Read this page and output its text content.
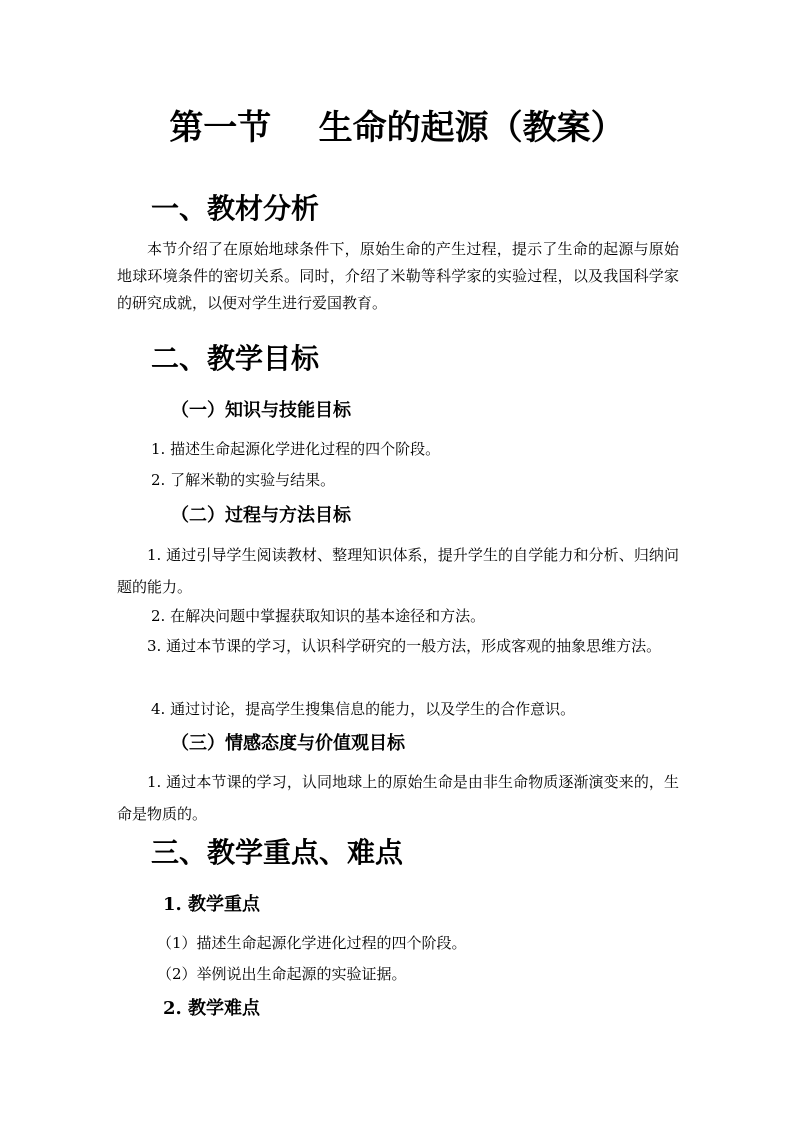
第一节    生命的起源（教案）
一、教材分析
本节介绍了在原始地球条件下，原始生命的产生过程，提示了生命的起源与原始地球环境条件的密切关系。同时，介绍了米勒等科学家的实验过程，以及我国科学家的研究成就，以便对学生进行爱国教育。
二、教学目标
（一）知识与技能目标
1. 描述生命起源化学进化过程的四个阶段。
2. 了解米勒的实验与结果。
（二）过程与方法目标
1. 通过引导学生阅读教材、整理知识体系，提升学生的自学能力和分析、归纳问题的能力。
2. 在解决问题中掌握获取知识的基本途径和方法。
3. 通过本节课的学习，认识科学研究的一般方法，形成客观的抽象思维方法。
4. 通过讨论，提高学生搜集信息的能力，以及学生的合作意识。
（三）情感态度与价值观目标
1. 通过本节课的学习，认同地球上的原始生命是由非生命物质逐渐演变来的，生命是物质的。
三、教学重点、难点
1. 教学重点
（1）描述生命起源化学进化过程的四个阶段。
（2）举例说出生命起源的实验证据。
2. 教学难点
